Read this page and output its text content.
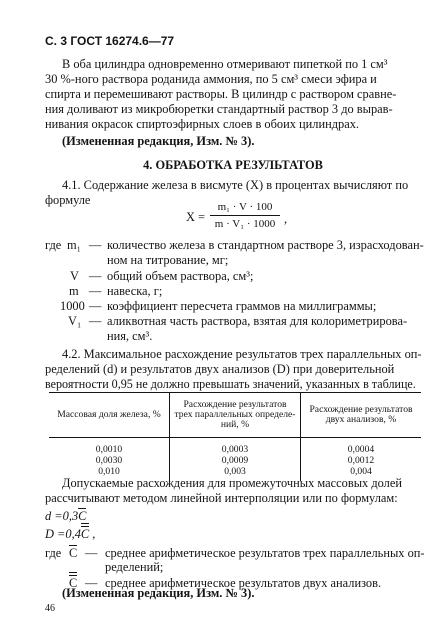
С. 3 ГОСТ 16274.6—77
В оба цилиндра одновременно отмеривают пипеткой по 1 см³
30 %-ного раствора роданида аммония, по 5 см³ смеси эфира и
спирта и перемешивают растворы. В цилиндр с раствором сравне-
ния доливают из микробюретки стандартный раствор 3 до вырав-
нивания окрасок спиртоэфирных слоев в обоих цилиндрах.
(Измененная редакция, Изм. № 3).
4. ОБРАБОТКА РЕЗУЛЬТАТОВ
4.1. Содержание железа в висмуте (X) в процентах вычисляют по
формуле
X =
m₁ · V · 100
m · V₁ · 1000 ,
где m₁ — количество железа в стандартном растворе 3, израсходован-
ном на титрование, мг;
V — общий объем раствора, см³;
m — навеска, г;
1000 — коэффициент пересчета граммов на миллиграммы;
V₁ — аликвотная часть раствора, взятая для колориметрирова-
ния, см³.
4.2. Максимальное расхождение результатов трех параллельных оп-
ределений (d) и результатов двух анализов (D) при доверительной
вероятности 0,95 не должно превышать значений, указанных в таблице.
Массовая доля железа, %	Расхождение результатов
трех параллельных определе-
ний, %	Расхождение результатов
двух анализов, %

0,0010	0,0003	0,0004
0,0030	0,0009	0,0012
0,010	0,003	0,004
Допускаемые расхождения для промежуточных массовых долей
рассчитывают методом линейной интерполяции или по формулам:
d =0,3
C
D =0,4
C ,
где C — среднее арифметическое результатов трех параллельных оп-
ределений;
C — среднее арифметическое результатов двух анализов.
(Измененная редакция, Изм. № 3).
46
